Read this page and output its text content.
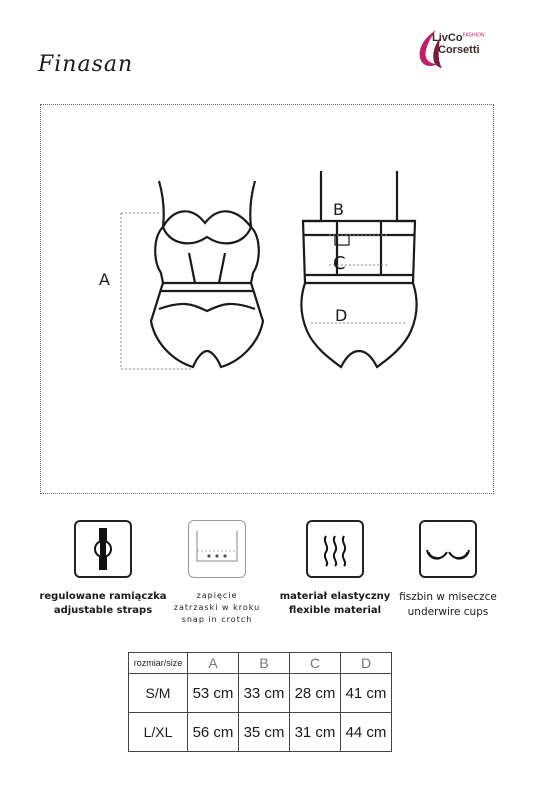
Finasan
LivCo$^{FASHION}$
Corsetti
A
B
C
D
regulowane ramiączka
adjustable straps
zapięcie
zatrzaski w kroku
snap in crotch
materiał elastyczny
flexible material
fiszbin w miseczce
underwire cups
rozmiar/size	A	B	C	D
S/M	53 cm	33 cm	28 cm	41 cm
L/XL	56 cm	35 cm	31 cm	44 cm
